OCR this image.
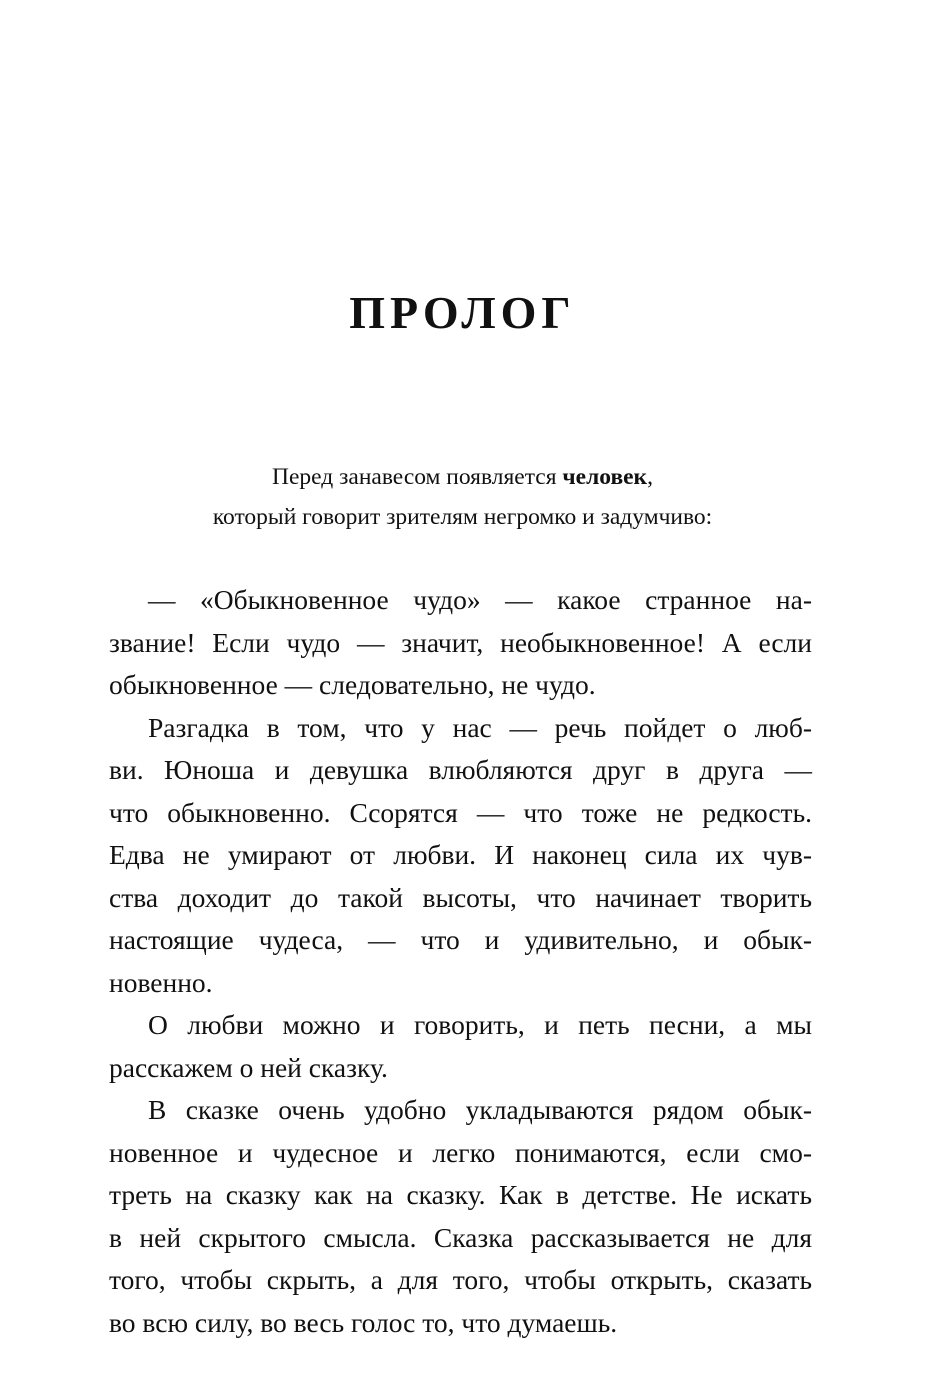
ПРОЛОГ
Перед занавесом появляется человек,
который говорит зрителям негромко и задумчиво:
— «Обыкновенное чудо» — какое странное на-
звание! Если чудо — значит, необыкновенное! А если
обыкновенное — следовательно, не чудо.
Разгадка в том, что у нас — речь пойдет о люб-
ви. Юноша и девушка влюбляются друг в друга —
что обыкновенно. Ссорятся — что тоже не редкость.
Едва не умирают от любви. И наконец сила их чув-
ства доходит до такой высоты, что начинает творить
настоящие чудеса, — что и удивительно, и обык-
новенно.
О любви можно и говорить, и петь песни, а мы
расскажем о ней сказку.
В сказке очень удобно укладываются рядом обык-
новенное и чудесное и легко понимаются, если смо-
треть на сказку как на сказку. Как в детстве. Не искать
в ней скрытого смысла. Сказка рассказывается не для
того, чтобы скрыть, а для того, чтобы открыть, сказать
во всю силу, во весь голос то, что думаешь.
